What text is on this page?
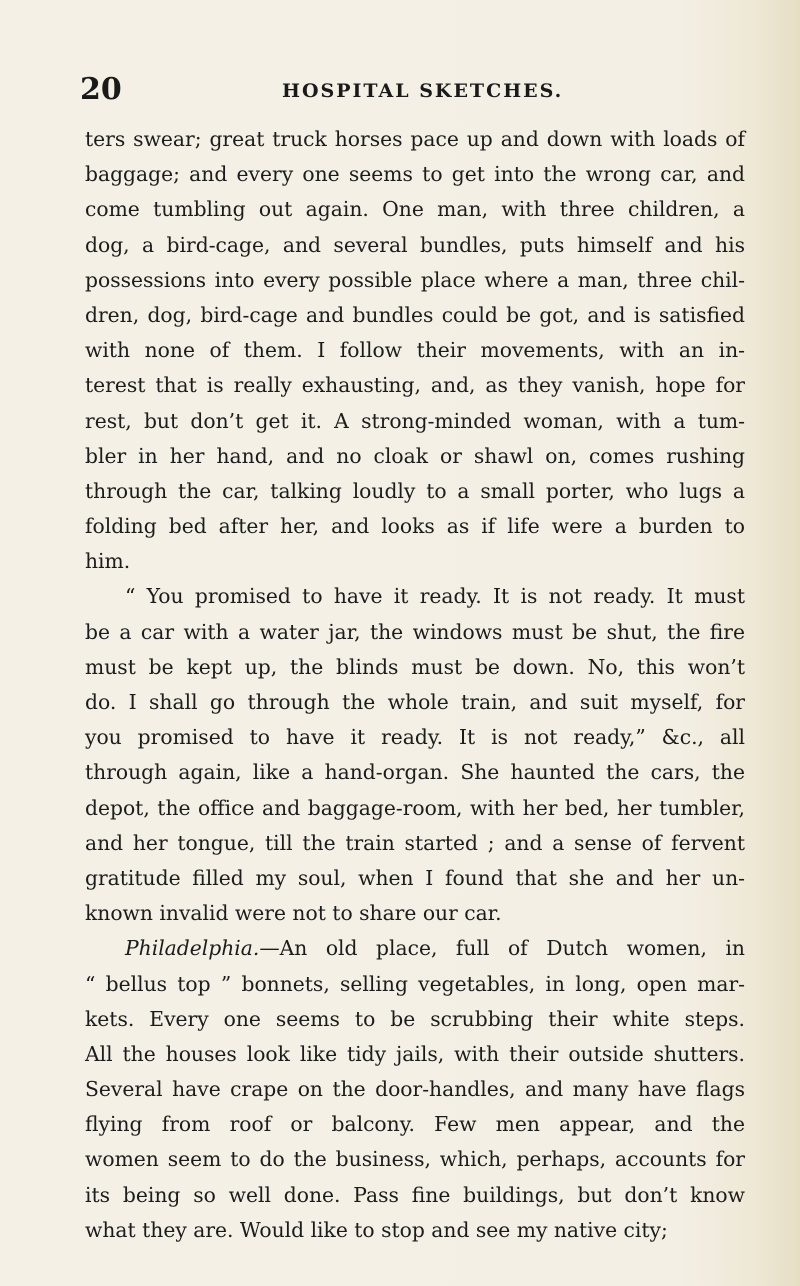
20	HOSPITAL SKETCHES.
ters swear; great truck horses pace up and down with loads of
baggage; and every one seems to get into the wrong car, and
come tumbling out again. One man, with three children, a
dog, a bird-cage, and several bundles, puts himself and his
possessions into every possible place where a man, three chil-
dren, dog, bird-cage and bundles could be got, and is satisfied
with none of them. I follow their movements, with an in-
terest that is really exhausting, and, as they vanish, hope for
rest, but don’t get it. A strong-minded woman, with a tum-
bler in her hand, and no cloak or shawl on, comes rushing
through the car, talking loudly to a small porter, who lugs a
folding bed after her, and looks as if life were a burden to
him.
“ You promised to have it ready. It is not ready. It must
be a car with a water jar, the windows must be shut, the fire
must be kept up, the blinds must be down. No, this won’t
do. I shall go through the whole train, and suit myself, for
you promised to have it ready. It is not ready,” &c., all
through again, like a hand-organ. She haunted the cars, the
depot, the office and baggage-room, with her bed, her tumbler,
and her tongue, till the train started ; and a sense of fervent
gratitude filled my soul, when I found that she and her un-
known invalid were not to share our car.
Philadelphia.—An old place, full of Dutch women, in
“ bellus top ” bonnets, selling vegetables, in long, open mar-
kets. Every one seems to be scrubbing their white steps.
All the houses look like tidy jails, with their outside shutters.
Several have crape on the door-handles, and many have flags
flying from roof or balcony. Few men appear, and the
women seem to do the business, which, perhaps, accounts for
its being so well done. Pass fine buildings, but don’t know
what they are. Would like to stop and see my native city;
